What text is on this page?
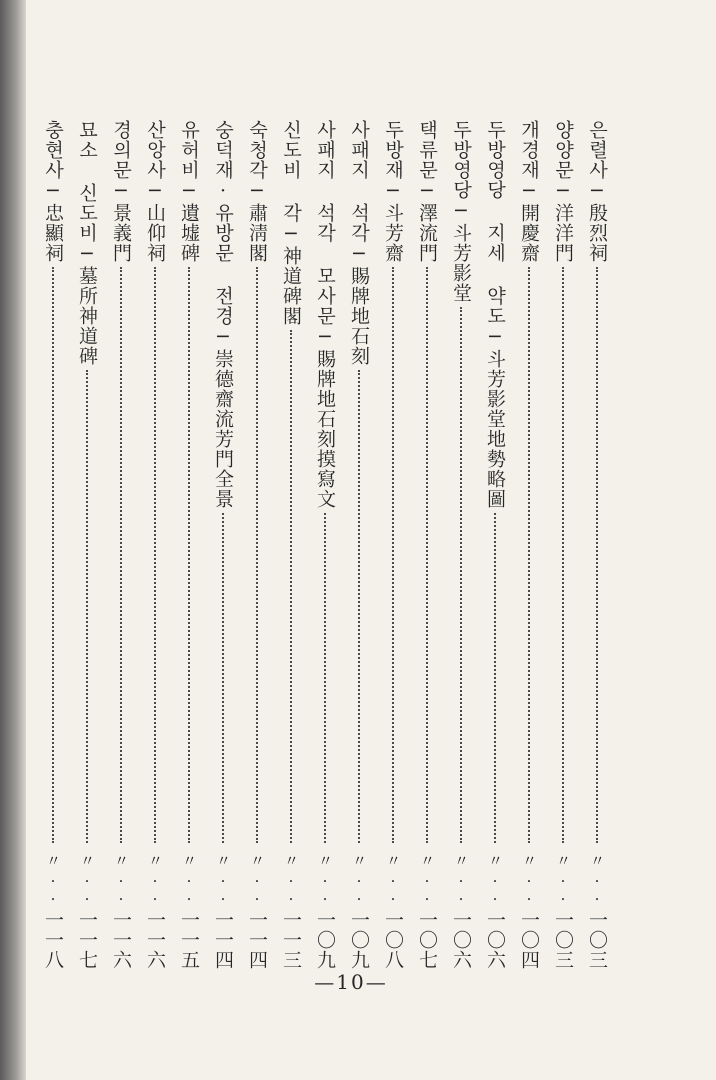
은렬사─殷烈祠
〃
··
一〇三
양양문─洋洋門
〃
··
一〇三
개경재─開慶齋
〃
··
一〇四
두방영당 지세 약도─斗芳影堂地勢略圖
〃
··
一〇六
두방영당─斗芳影堂
〃
··
一〇六
택류문─澤流門
〃
··
一〇七
두방재─斗芳齋
〃
··
一〇八
사패지 석각─賜牌地石刻
〃
··
一〇九
사패지 석각 모사문─賜牌地石刻摸寫文
〃
··
一〇九
신도비 각─神道碑閣
〃
··
一一三
숙청각─肅淸閣
〃
··
一一四
숭덕재·유방문 전경─崇德齋流芳門全景
〃
··
一一四
유허비─遺墟碑
〃
··
一一五
산앙사─山仰祠
〃
··
一一六
경의문─景義門
〃
··
一一六
묘소 신도비─墓所神道碑
〃
··
一一七
충현사─忠顯祠
〃
··
一一八
—10—
